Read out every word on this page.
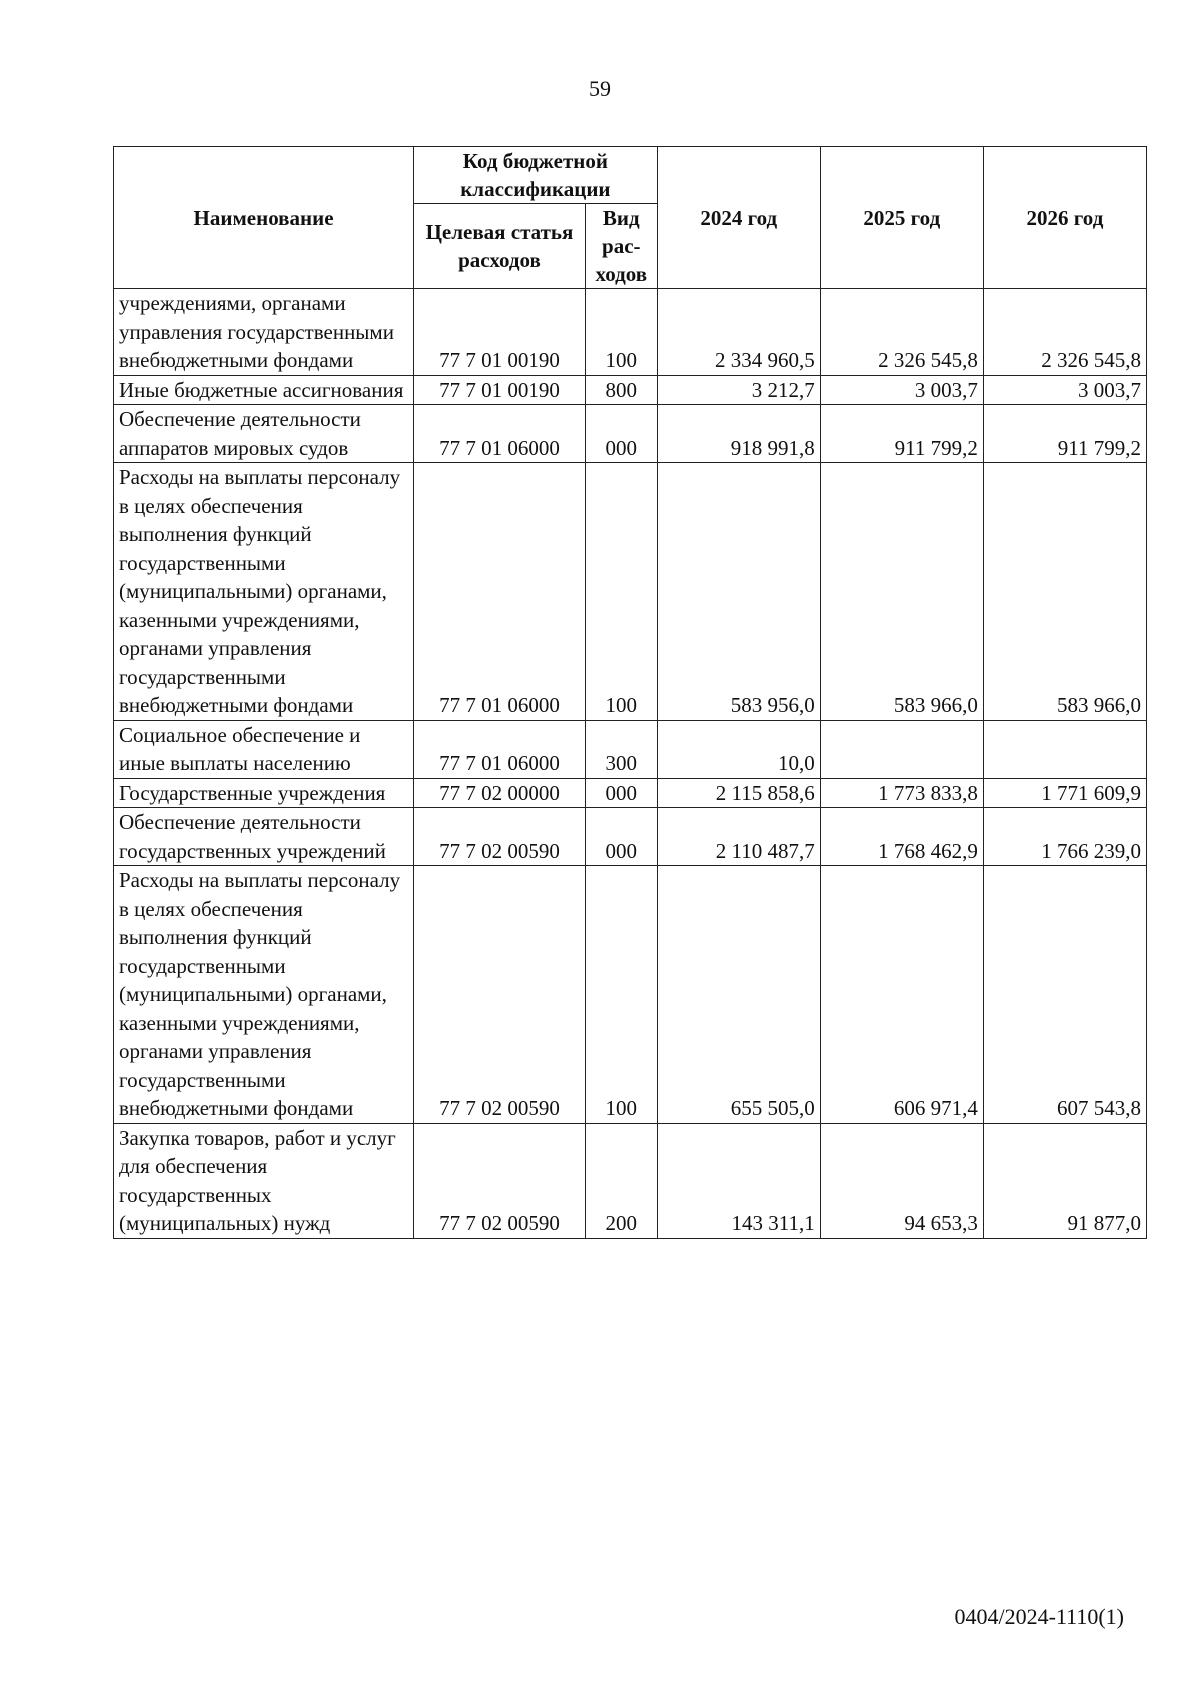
59
Наименование	Код бюджетной классификации		2024 год	2025 год	2026 год
	Целевая статья расходов	Вид рас-ходов			
учреждениями, органами управления государственными внебюджетными фондами	77 7 01 00190	100	2 334 960,5	2 326 545,8	2 326 545,8
Иные бюджетные ассигнования	77 7 01 00190	800	3 212,7	3 003,7	3 003,7
Обеспечение деятельности аппаратов мировых судов	77 7 01 06000	000	918 991,8	911 799,2	911 799,2
Расходы на выплаты персоналу в целях обеспечения выполнения функций государственными (муниципальными) органами, казенными учреждениями, органами управления государственными внебюджетными фондами	77 7 01 06000	100	583 956,0	583 966,0	583 966,0
Социальное обеспечение и иные выплаты населению	77 7 01 06000	300	10,0		
Государственные учреждения	77 7 02 00000	000	2 115 858,6	1 773 833,8	1 771 609,9
Обеспечение деятельности государственных учреждений	77 7 02 00590	000	2 110 487,7	1 768 462,9	1 766 239,0
Расходы на выплаты персоналу в целях обеспечения выполнения функций государственными (муниципальными) органами, казенными учреждениями, органами управления государственными внебюджетными фондами	77 7 02 00590	100	655 505,0	606 971,4	607 543,8
Закупка товаров, работ и услуг для обеспечения государственных (муниципальных) нужд	77 7 02 00590	200	143 311,1	94 653,3	91 877,0
0404/2024-1110(1)
